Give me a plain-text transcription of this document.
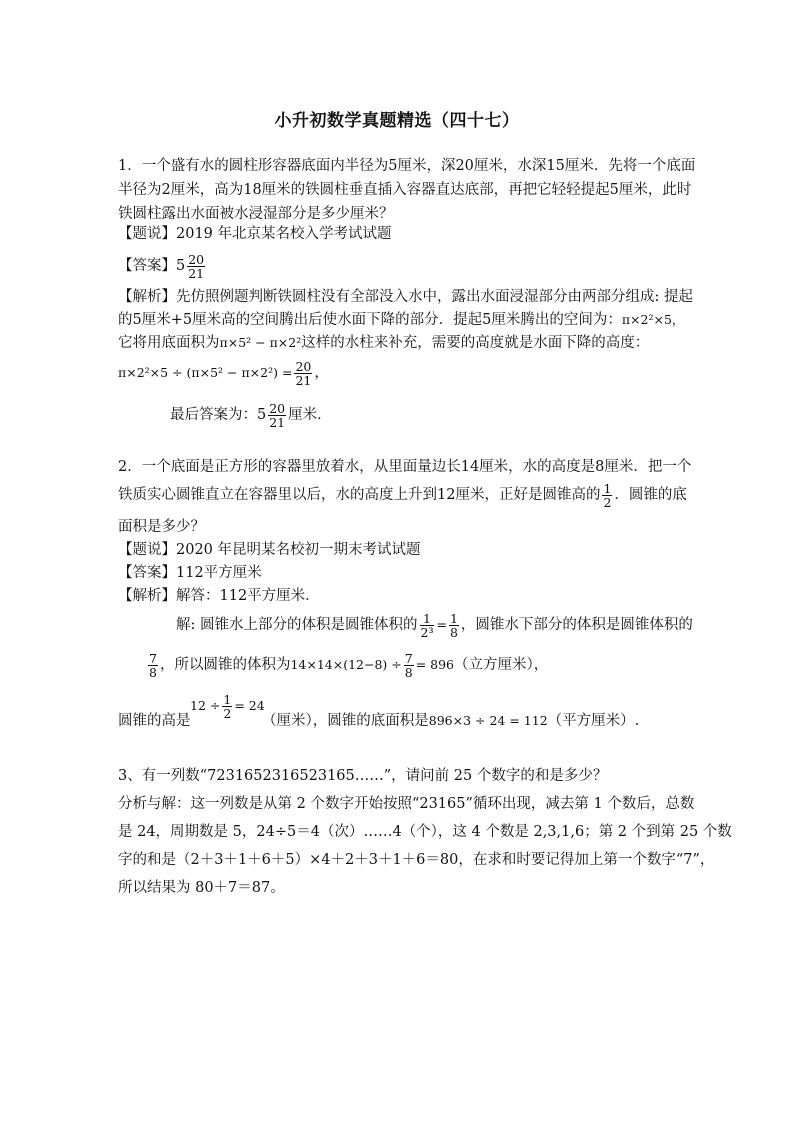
小升初数学真题精选（四十七）
1．一个盛有水的圆柱形容器底面内半径为5厘米，深20厘米，水深15厘米．先将一个底面
半径为2厘米，高为18厘米的铁圆柱垂直插入容器直达底部，再把它轻轻提起5厘米，此时
铁圆柱露出水面被水浸湿部分是多少厘米？
【题说】2019 年北京某名校入学考试试题
【答案】$5 \frac{20}{21}$
【解析】先仿照例题判断铁圆柱没有全部没入水中，露出水面浸湿部分由两部分组成: 提起
的5厘米+5厘米高的空间腾出后使水面下降的部分．提起5厘米腾出的空间为：π×2²×5，
它将用底面积为π×5² − π×2²这样的水柱来补充，需要的高度就是水面下降的高度：
$\pi\times 2^2\times 5 \div (\pi\times 5^2 - \pi\times 2^2) = \frac{20}{21}$ ，
最后答案为：$5 \frac{20}{21}$ 厘米．
2．一个底面是正方形的容器里放着水，从里面量边长14厘米，水的高度是8厘米．把一个
铁质实心圆锥直立在容器里以后，水的高度上升到12厘米，正好是圆锥高的 $\frac{1}{2}$ ．圆锥的底
面积是多少？
【题说】2020 年昆明某名校初一期末考试试题
【答案】112平方厘米
【解析】解答：112平方厘米．
解: 圆锥水上部分的体积是圆锥体积的 $\frac{1}{\text{2³}} = \frac{1}{8}$ ，圆锥水下部分的体积是圆锥体积的
$\frac{7}{8}$ ，所以圆锥的体积为$14\times 14\times(12-8) \div \frac{7}{8} = 896$（立方厘米），
$12 \div \frac{1}{2} = 24$
圆锥的高是	（厘米），圆锥的底面积是896×3 ÷ 24 = 112（平方厘米）.
3、有一列数“7231652316523165……”，请问前 25 个数字的和是多少？
分析与解：这一列数是从第 2 个数字开始按照“23165”循环出现，减去第 1 个数后，总数
是 24，周期数是 5，24÷5＝4（次）……4（个），这 4 个数是 2,3,1,6；第 2 个到第 25 个数
字的和是（2＋3＋1＋6＋5）×4＋2＋3＋1＋6＝80，在求和时要记得加上第一个数字“7”，
所以结果为 80＋7＝87。
